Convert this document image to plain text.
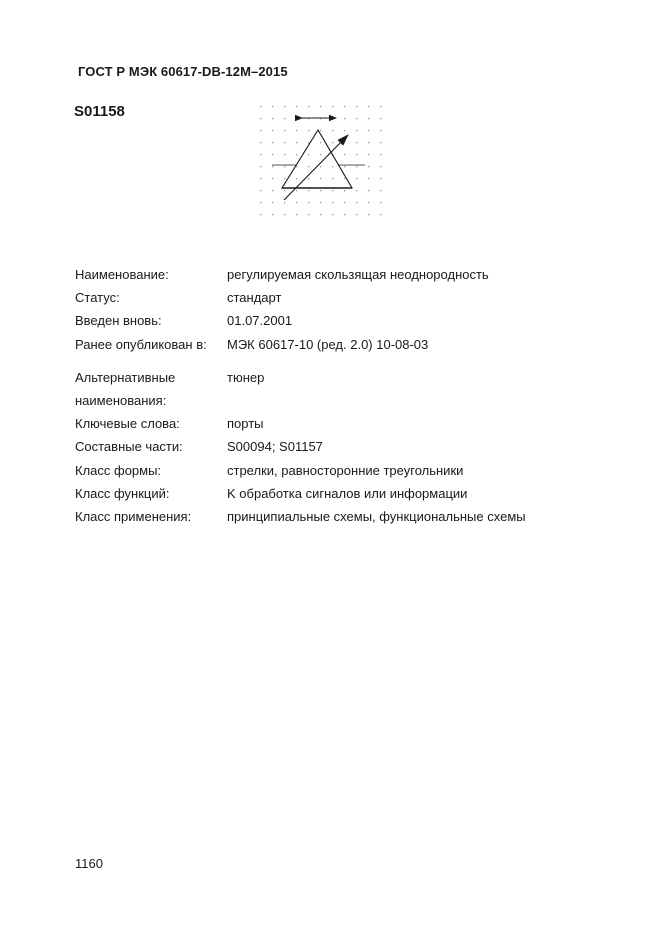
ГОСТ Р МЭК 60617-DB-12M–2015
S01158
Наименование:	регулируемая скользящая неоднородность
Статус:	стандарт
Введен вновь:	01.07.2001
Ранее опубликован в:	МЭК 60617-10 (ред. 2.0) 10-08-03
Альтернативные	тюнер
наименования:
Ключевые слова:	порты
Составные части:	S00094; S01157
Класс формы:	стрелки, равносторонние треугольники
Класс функций:	K обработка сигналов или информации
Класс применения:	принципиальные схемы, функциональные схемы
1160
